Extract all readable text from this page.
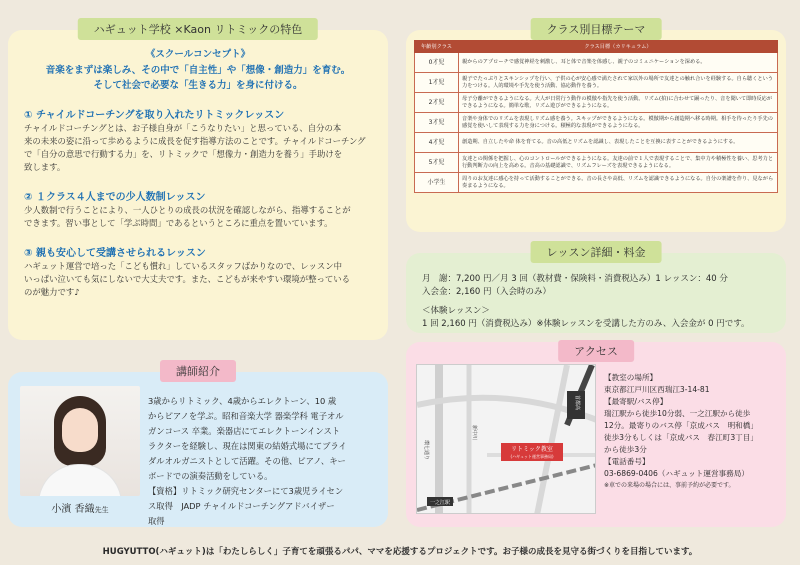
ハギュット学校 ×Kaon リトミックの特色
《スクールコンセプト》
音楽をまずは楽しみ、その中で「自主性」や「想像・創造力」を育む。
そして社会で必要な「生きる力」を身に付ける。
① チャイルドコーチングを取り入れたリトミックレッスン
チャイルドコーチングとは、お子様自身が「こうなりたい」と思っている、自分の本
来の未来の姿に沿って歩めるように成長を促す指導方法のことです。チャイルドコーチング
で「自分の意思で行動する力」を、リトミックで「想像力・創造力を養う」手助けを
致します。
② １クラス４人までの少人数制レッスン
少人数制で行うことにより、一人ひとりの成長の状況を確認しながら、指導することが
できます。習い事として「学ぶ時間」であるというところに重点を置いています。
③ 親も安心して受講させられるレッスン
ハギュット運営で培った「こども慣れ」しているスタッフばかりなので、レッスン中
いっぱい泣いても気にしないで大丈夫です。また、こどもが来やすい環境が整っている
のが魅力です♪
講師紹介
小濱 香織先生
3歳からリトミック、4歳からエレクトーン、10 歳
からピアノを学ぶ。昭和音楽大学 器楽学科 電子オル
ガンコース 卒業。楽器店にてエレクトーンインスト
ラクターを経験し、現在は関東の結婚式場にてブライ
ダルオルガニストとして活躍。その他、ピアノ、キー
ボードでの演奏活動をしている。
【資格】リトミック研究センターにて3歳児ライセン
ス取得　JADP チャイルドコーチングアドバイザー
取得
クラス別目標テーマ
年齢別クラス	クラス目標（カリキュラム）
0才児	親からのアプローチで感覚神経を刺激し、耳と体で音楽を体感し、親子のコミュニケーションを深める。
1才児	親子でたっぷりとスキンシップを行い、子供の心が安心感で満たされて家以外の場所で友達との触れ合いを経験する。自ら聴くという力をつける。人的環境や手先を使う活動、協応動作を養う。
2才児	母子分離ができるようになる。大人が日常行う動作の模倣や指先を使う活動。リズム(拍)に合わせて踊ったり、音を聞いて即時反応ができるようになる。簡単な歌、リズム遊びができるようになる。
3才児	音楽や身体でのリズムを表現しリズム感を養う。スキップができるようになる。模倣期から創造期へ移る時期。相手を待ったり手先の感覚を使いして表現する力を身につける。積極的な表現ができるようになる。
4才児	創造期、自立したや命 体を育てる。音の高低とリズムを認識し、表現したことを互換に表すことができるようにする。
5才児	友達との関係を把握し、心のコントロールができるようになる。友達の前で１人で表現することで、集中力や積極性を養い、思考力と行動判断力の向上を高める。音高の基礎認識で、リズムフレーズを表現できるようになる。
小学生	周りのお友達に感心を持って活動することができる。音の長さや高低、リズムを認識できるようになる。自分の楽譜を作り、見ながら奏まるようになる。
レッスン詳細・料金
月　謝：7,200 円／月 3 回（教材費・保険料・消費税込み）1 レッスン：40 分
入会金：2,160 円（入会時のみ）
＜体験レッスン＞
1 回 2,160 円（消費税込み）※体験レッスンを受講した方のみ、入会金が 0 円です。
アクセス
リトミック教室
(ハギュット運営事務局)
環七通り
新中川
首都高
一之江駅
【教室の場所】
東京都江戸川区西瑞江3-14-81
【最寄駅/バス停】
瑞江駅から徒歩10分弱、一之江駅から徒歩
12分。最寄りのバス停「京成バス　明和橋」
徒歩3分もしくは「京成バス　春江町3丁目」
から徒歩3分
【電話番号】
03-6869-0406（ハギュット運営事務局）
※車での来場の場合には、事前予約が必要です。
HUGYUTTO(ハギュット)は「わたしらしく」子育てを頑張るパパ、ママを応援するプロジェクトです。お子様の成長を見守る街づくりを目指しています。
